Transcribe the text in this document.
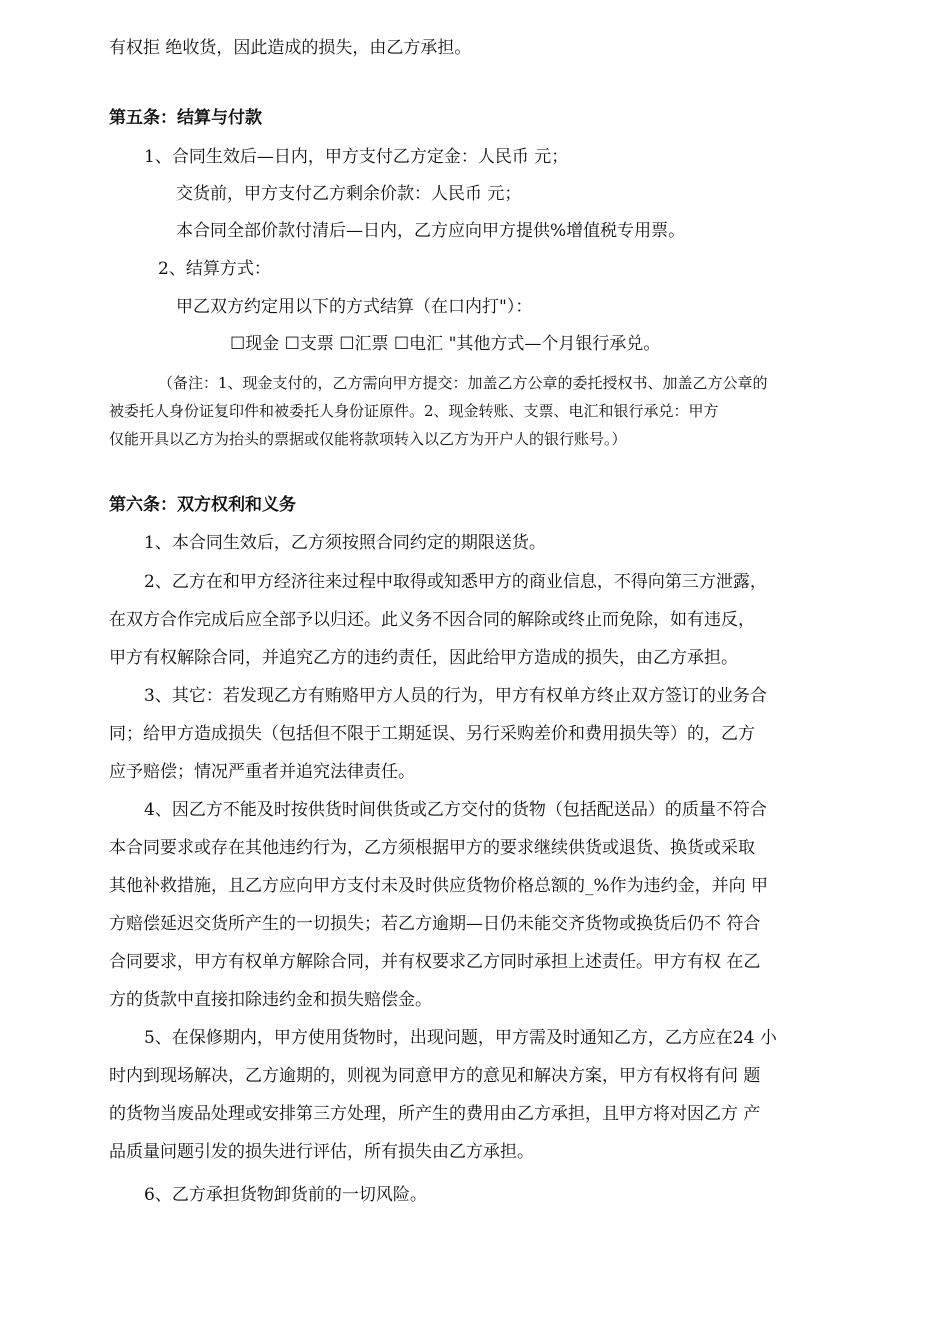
有权拒 绝收货，因此造成的损失，由乙方承担。
第五条：结算与付款
1、合同生效后—日内，甲方支付乙方定金：人民币 元；
交货前，甲方支付乙方剩余价款：人民币 元；
本合同全部价款付清后—日内，乙方应向甲方提供%增值税专用票。
2、结算方式：
甲乙双方约定用以下的方式结算（在口内打"）：
☐现金 ☐支票 ☐汇票 ☐电汇 "其他方式—个月银行承兑。
（备注：1、现金支付的，乙方需向甲方提交：加盖乙方公章的委托授权书、加盖乙方公章的
被委托人身份证复印件和被委托人身份证原件。2、现金转账、支票、电汇和银行承兑：甲方
仅能开具以乙方为抬头的票据或仅能将款项转入以乙方为开户人的银行账号。）
第六条：双方权利和义务
1、本合同生效后，乙方须按照合同约定的期限送货。
2、乙方在和甲方经济往来过程中取得或知悉甲方的商业信息，不得向第三方泄露，
在双方合作完成后应全部予以归还。此义务不因合同的解除或终止而免除，如有违反，
甲方有权解除合同，并追究乙方的违约责任，因此给甲方造成的损失，由乙方承担。
3、其它：若发现乙方有贿赂甲方人员的行为，甲方有权单方终止双方签订的业务合
同；给甲方造成损失（包括但不限于工期延误、另行采购差价和费用损失等）的，乙方
应予赔偿；情况严重者并追究法律责任。
4、因乙方不能及时按供货时间供货或乙方交付的货物（包括配送品）的质量不符合
本合同要求或存在其他违约行为，乙方须根据甲方的要求继续供货或退货、换货或采取
其他补救措施，且乙方应向甲方支付未及时供应货物价格总额的_%作为违约金，并向 甲
方赔偿延迟交货所产生的一切损失；若乙方逾期—日仍未能交齐货物或换货后仍不 符合
合同要求，甲方有权单方解除合同，并有权要求乙方同时承担上述责任。甲方有权 在乙
方的货款中直接扣除违约金和损失赔偿金。
5、在保修期内，甲方使用货物时，出现问题，甲方需及时通知乙方，乙方应在24 小
时内到现场解决，乙方逾期的，则视为同意甲方的意见和解决方案，甲方有权将有问 题
的货物当废品处理或安排第三方处理，所产生的费用由乙方承担，且甲方将对因乙方 产
品质量问题引发的损失进行评估，所有损失由乙方承担。
6、乙方承担货物卸货前的一切风险。
